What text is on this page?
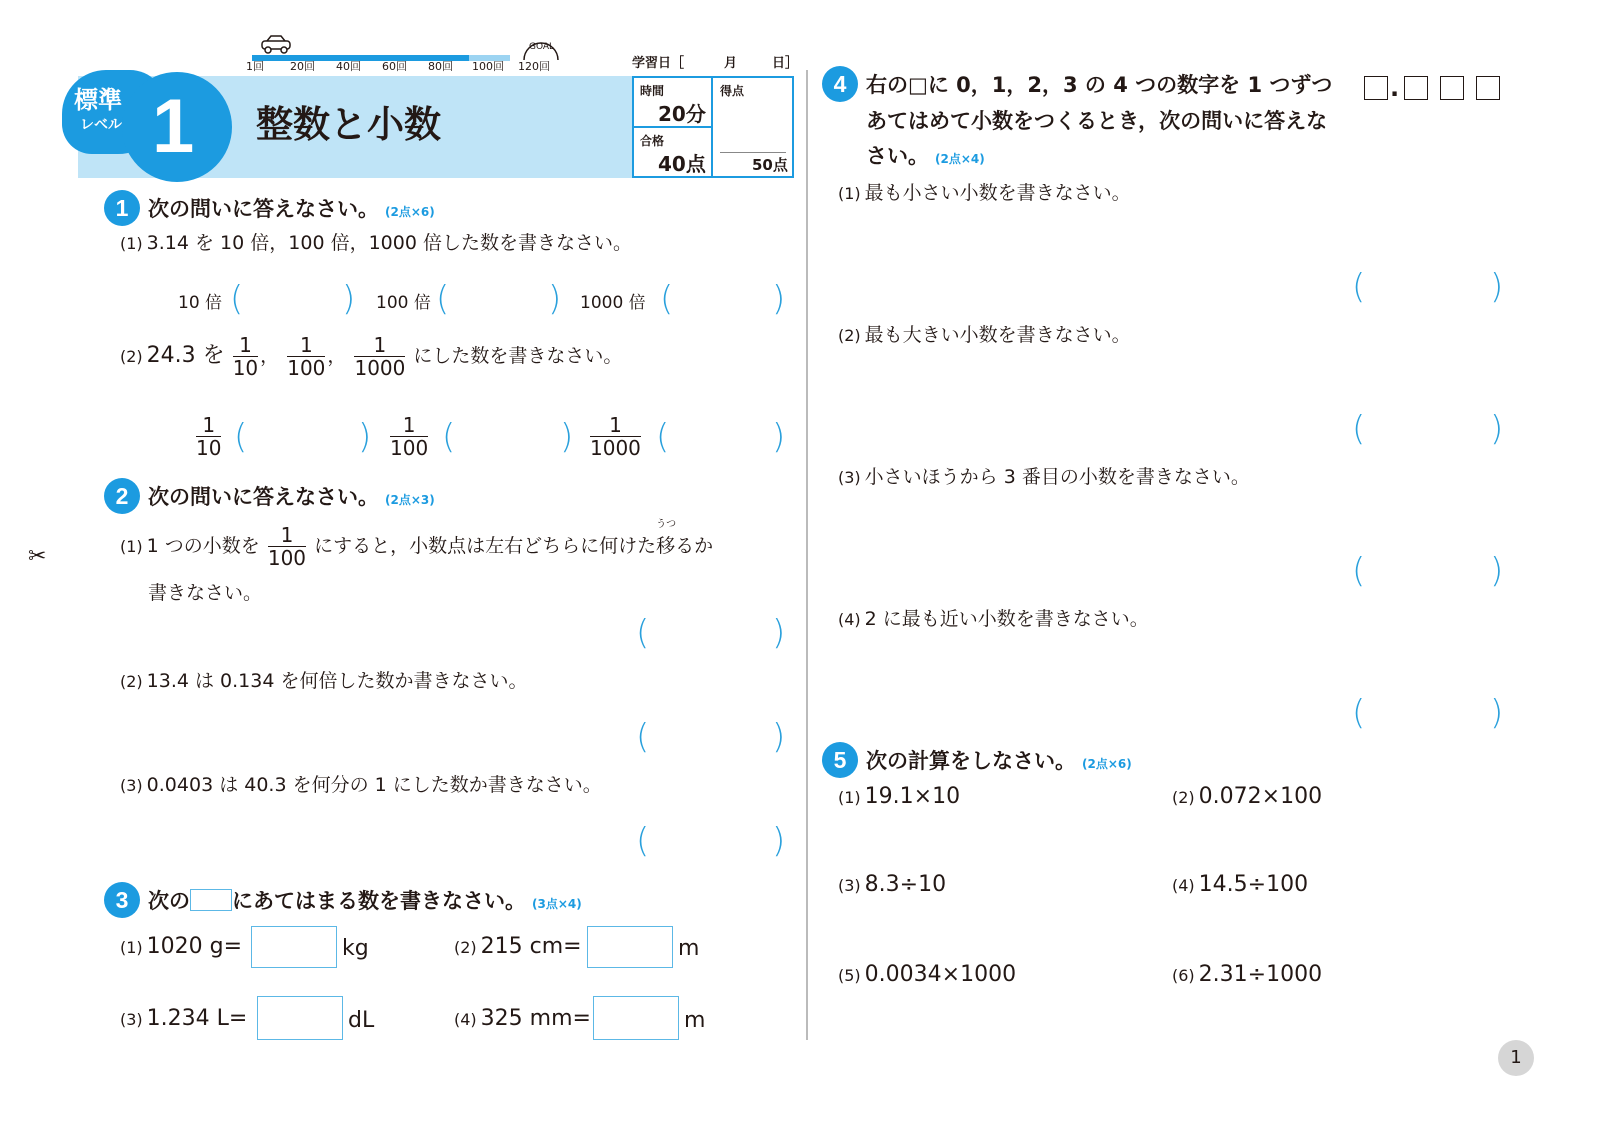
GOAL
1回 20回 40回 60回 80回 100回 120回
標準
レベル 1 整数と小数
学習日［	月	日］
時間
20分
合格
40点
得点
50点
✂
1 次の問いに答えなさい。 (2点×6)
(1) 3.14 を 10 倍，100 倍，1000 倍した数を書きなさい。
10 倍 (	) 100 倍 (	) 1000 倍 (	)
(2) 24.3 を $\frac{1}{10}$ ， $\frac{1}{100}$ ， $\frac{1}{1000}$ にした数を書きなさい。
$\frac{1}{10}$ (	) $\frac{1}{100}$ (	) $\frac{1}{1000}$ (	)
2 次の問いに答えなさい。 (2点×3)
(1) 1 つの小数を $\frac{1}{100}$ にすると，小数点は左右どちらに何けた
うつ
移るか
書きなさい。
(	)
(2) 13.4 は 0.134 を何倍した数か書きなさい。
(	)
(3) 0.0403 は 40.3 を何分の 1 にした数か書きなさい。
(	)
3 次の にあてはまる数を書きなさい。 (3点×4)
(1) 1020 g=	kg	(2) 215 cm=	m
(3) 1.234 L=	dL	(4) 325 mm=	m
4 右の□に 0，1，2，3 の 4 つの数字を 1 つずつ
あてはめて小数をつくるとき，次の問いに答えな
さい。 (2点×4)
.
(1) 最も小さい小数を書きなさい。
(	)
(2) 最も大きい小数を書きなさい。
(	)
(3) 小さいほうから 3 番目の小数を書きなさい。
(	)
(4) 2 に最も近い小数を書きなさい。
(	)
5 次の計算をしなさい。 (2点×6)
(1) 19.1×10	(2) 0.072×100
(3) 8.3÷10	(4) 14.5÷100
(5) 0.0034×1000	(6) 2.31÷1000
1
